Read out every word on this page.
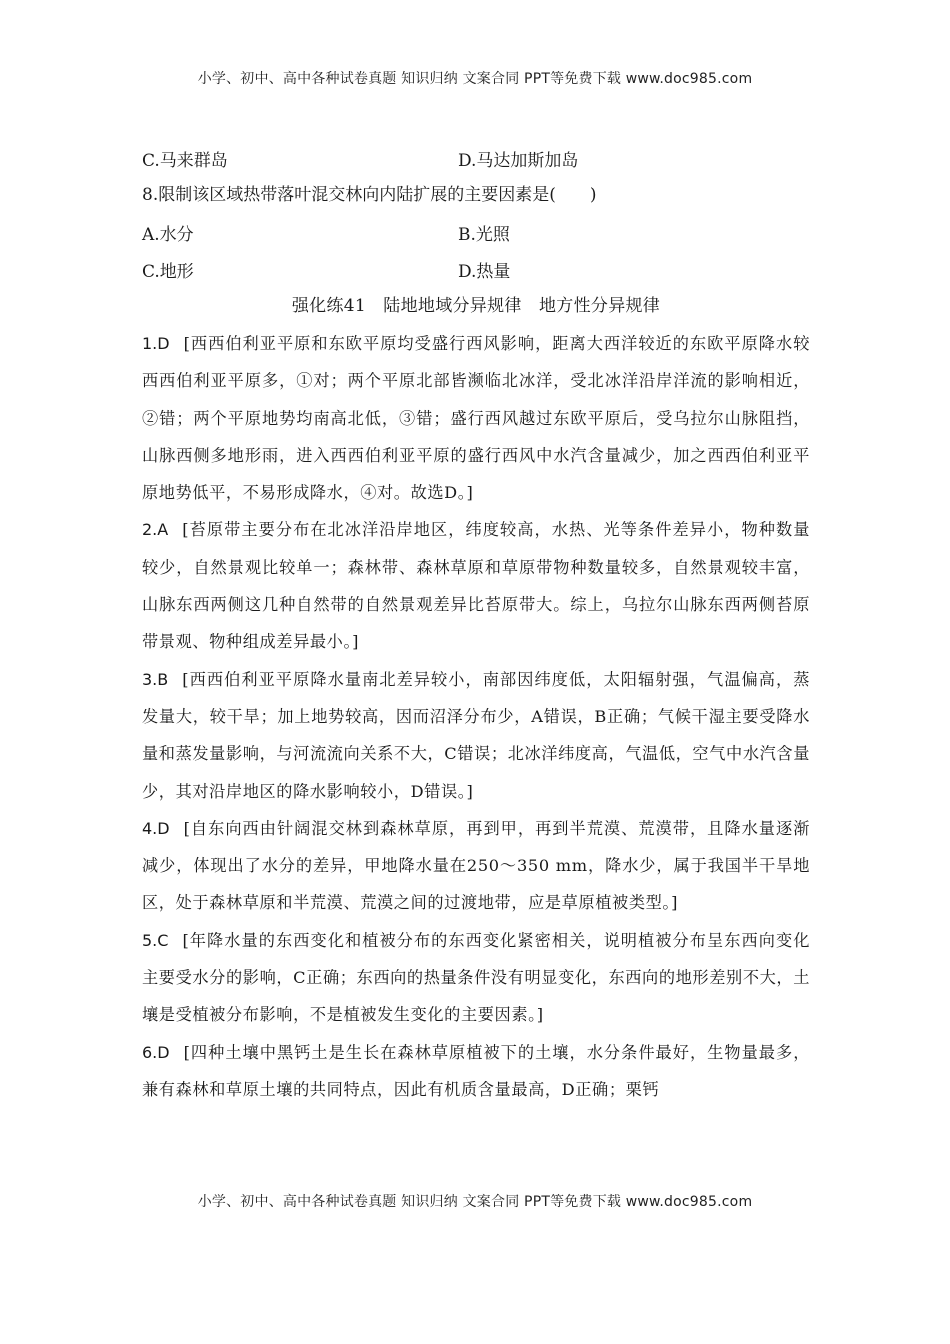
小学、初中、高中各种试卷真题 知识归纳 文案合同 PPT等免费下载 www.doc985.com
C.马来群岛	D.马达加斯加岛
8.限制该区域热带落叶混交林向内陆扩展的主要因素是(　　)
A.水分	B.光照
C.地形	D.热量
强化练41　陆地地域分异规律　地方性分异规律
1.D [西西伯利亚平原和东欧平原均受盛行西风影响，距离大西洋较近的东欧平原降水较西西伯利亚平原多，①对；两个平原北部皆濒临北冰洋，受北冰洋沿岸洋流的影响相近，②错；两个平原地势均南高北低，③错；盛行西风越过东欧平原后，受乌拉尔山脉阻挡，山脉西侧多地形雨，进入西西伯利亚平原的盛行西风中水汽含量减少，加之西西伯利亚平原地势低平，不易形成降水，④对。故选D。]
2.A [苔原带主要分布在北冰洋沿岸地区，纬度较高，水热、光等条件差异小，物种数量较少，自然景观比较单一；森林带、森林草原和草原带物种数量较多，自然景观较丰富，山脉东西两侧这几种自然带的自然景观差异比苔原带大。综上，乌拉尔山脉东西两侧苔原带景观、物种组成差异最小。]
3.B [西西伯利亚平原降水量南北差异较小，南部因纬度低，太阳辐射强，气温偏高，蒸发量大，较干旱；加上地势较高，因而沼泽分布少，A错误，B正确；气候干湿主要受降水量和蒸发量影响，与河流流向关系不大，C错误；北冰洋纬度高，气温低，空气中水汽含量少，其对沿岸地区的降水影响较小，D错误。]
4.D [自东向西由针阔混交林到森林草原，再到甲，再到半荒漠、荒漠带，且降水量逐渐减少，体现出了水分的差异，甲地降水量在250～350 mm，降水少，属于我国半干旱地区，处于森林草原和半荒漠、荒漠之间的过渡地带，应是草原植被类型。]
5.C [年降水量的东西变化和植被分布的东西变化紧密相关，说明植被分布呈东西向变化主要受水分的影响，C正确；东西向的热量条件没有明显变化，东西向的地形差别不大，土壤是受植被分布影响，不是植被发生变化的主要因素。]
6.D [四种土壤中黑钙土是生长在森林草原植被下的土壤，水分条件最好，生物量最多，兼有森林和草原土壤的共同特点，因此有机质含量最高，D正确；栗钙
小学、初中、高中各种试卷真题 知识归纳 文案合同 PPT等免费下载 www.doc985.com
